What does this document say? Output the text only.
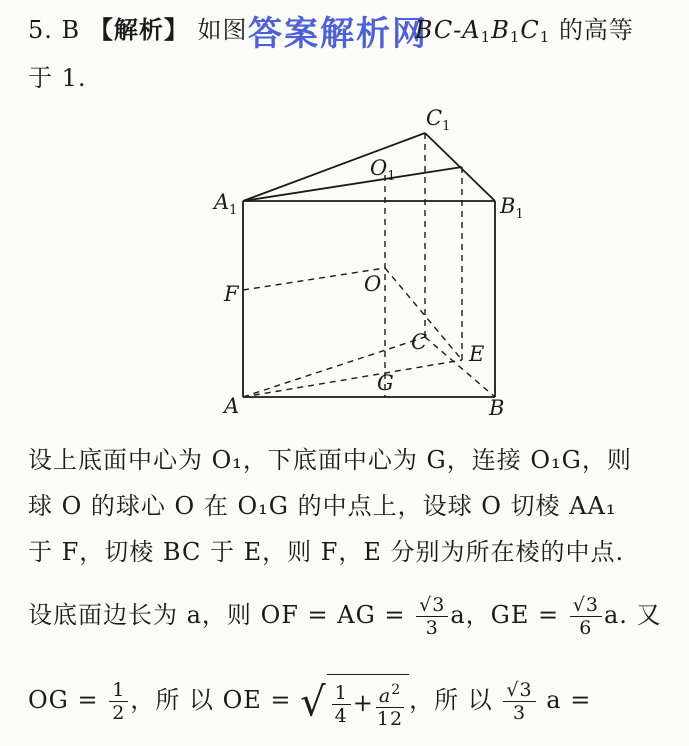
答案解析网
5. B 【解析】 如图	$BC-A_1B_1C_1$ 的高等
于 1.
$C_1$
$O_1$
$A_1$	$B_1$
F	O
C E
G
A	B
设上底面中心为 O₁，下底面中心为 G，连接 O₁G，则
球 O 的球心 O 在 O₁G 的中点上，设球 O 切棱 AA₁
于 F，切棱 BC 于 E，则 F，E 分别为所在棱的中点.
设底面边长为 a，则 OF = AG = $\frac{√3}{3}$ a，GE = $\frac{√3}{6} a$. 又
OG = $\frac{1}{2}$ ，所 以 OE = √ $\frac{1}{4} + \frac{a^2}{12}$ ，所 以 $\frac{√3}{3}$ a =
